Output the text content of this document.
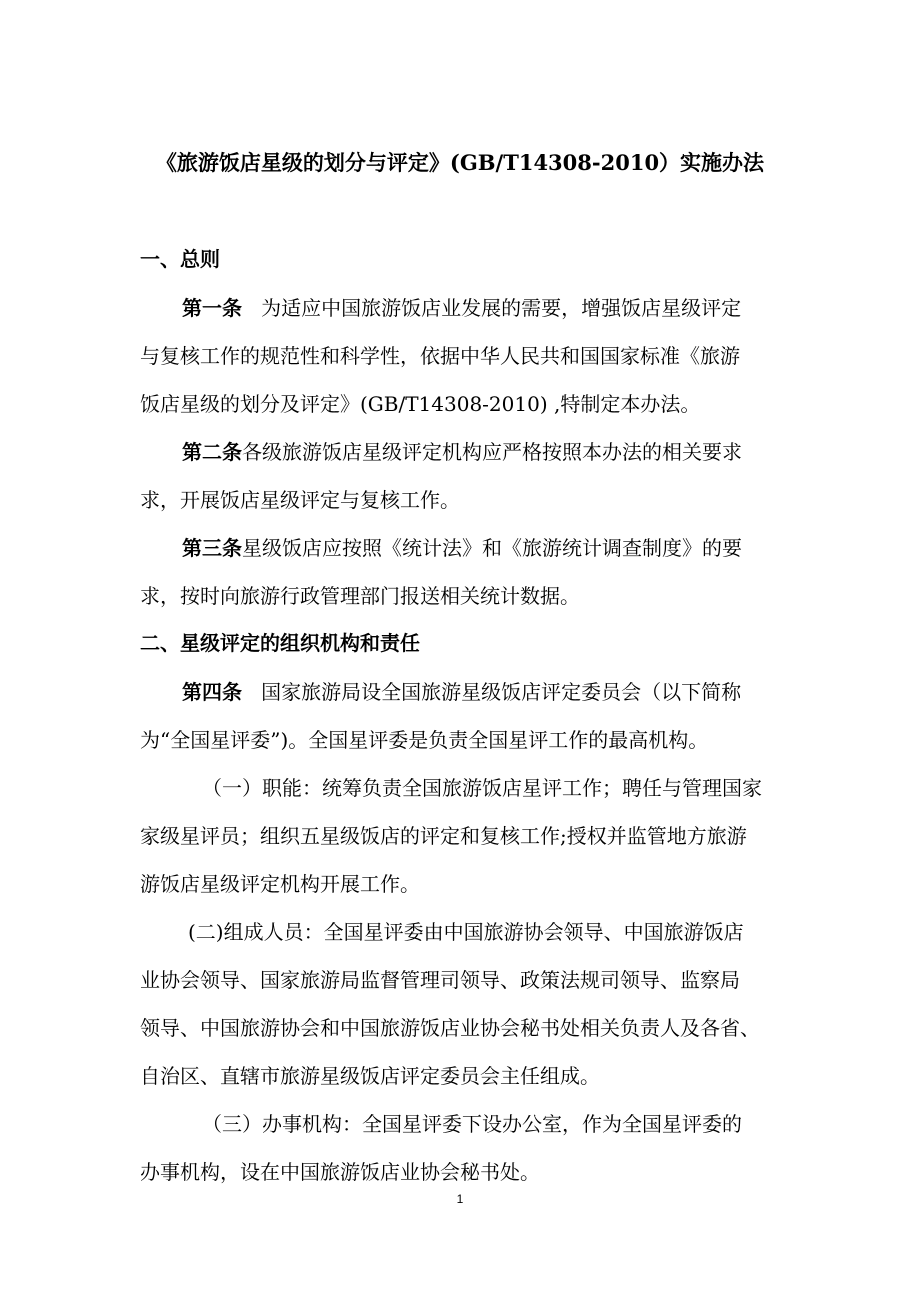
《旅游饭店星级的划分与评定》(GB/T14308-2010）实施办法
一、总则
第一条 为适应中国旅游饭店业发展的需要，增强饭店星级评定
与复核工作的规范性和科学性，依据中华人民共和国国家标准《旅游
饭店星级的划分及评定》(GB/T14308-2010) ,特制定本办法。
第二条各级旅游饭店星级评定机构应严格按照本办法的相关要求
求，开展饭店星级评定与复核工作。
第三条星级饭店应按照《统计法》和《旅游统计调查制度》的要
求，按时向旅游行政管理部门报送相关统计数据。
二、星级评定的组织机构和责任
第四条 国家旅游局设全国旅游星级饭店评定委员会（以下简称
为“全国星评委”)。全国星评委是负责全国星评工作的最高机构。
（一）职能：统筹负责全国旅游饭店星评工作；聘任与管理国家
家级星评员；组织五星级饭店的评定和复核工作;授权并监管地方旅游
游饭店星级评定机构开展工作。
(二)组成人员：全国星评委由中国旅游协会领导、中国旅游饭店
业协会领导、国家旅游局监督管理司领导、政策法规司领导、监察局
领导、中国旅游协会和中国旅游饭店业协会秘书处相关负责人及各省、
自治区、直辖市旅游星级饭店评定委员会主任组成。
（三）办事机构：全国星评委下设办公室，作为全国星评委的
办事机构，设在中国旅游饭店业协会秘书处。
1
